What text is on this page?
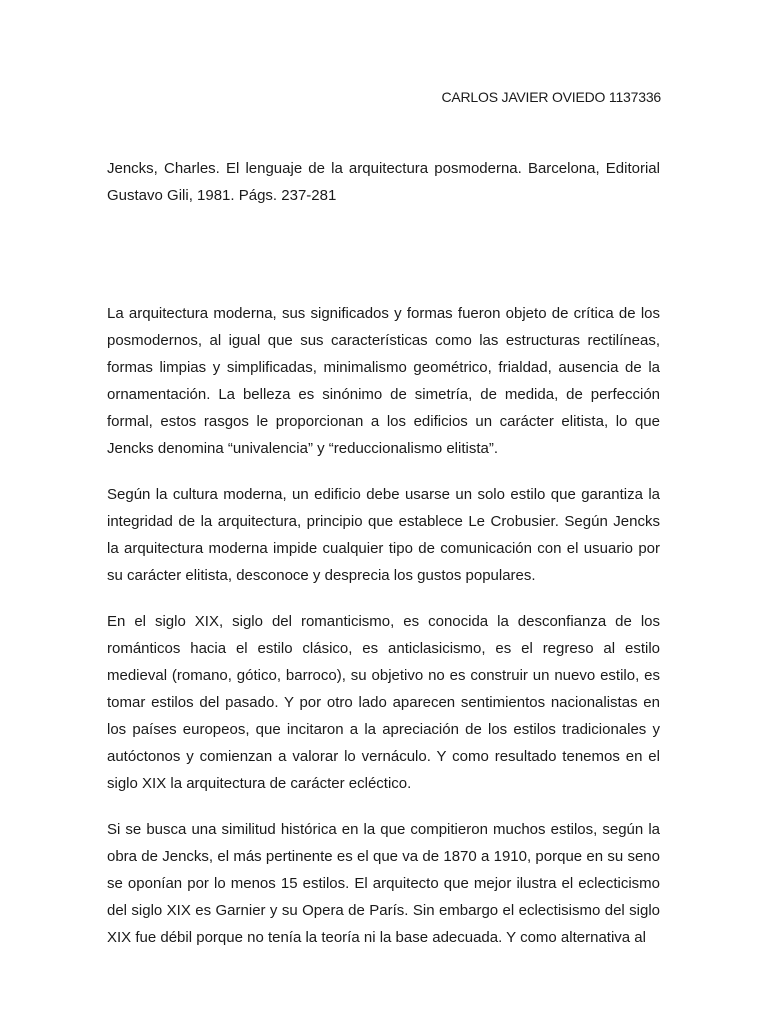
CARLOS JAVIER OVIEDO 1137336
Jencks, Charles. El lenguaje de la arquitectura posmoderna. Barcelona, Editorial Gustavo Gili, 1981. Págs. 237-281

La arquitectura moderna, sus significados y formas fueron objeto de crítica de los posmodernos, al igual que sus características como las estructuras rectilíneas, formas limpias y simplificadas, minimalismo geométrico, frialdad, ausencia de la ornamentación. La belleza es sinónimo de simetría, de medida, de perfección formal, estos rasgos le proporcionan a los edificios un carácter elitista, lo que Jencks denomina “univalencia” y “reduccionalismo elitista”.

Según la cultura moderna, un edificio debe usarse un solo estilo que garantiza la integridad de la arquitectura, principio que establece Le Crobusier. Según Jencks la arquitectura moderna impide cualquier tipo de comunicación con el usuario por su carácter elitista, desconoce y desprecia los gustos populares.

En el siglo XIX, siglo del romanticismo, es conocida la desconfianza de los románticos hacia el estilo clásico, es anticlasicismo, es el regreso al estilo medieval (romano, gótico, barroco), su objetivo no es construir un nuevo estilo, es tomar estilos del pasado. Y por otro lado aparecen sentimientos nacionalistas en los países europeos, que incitaron a la apreciación de los estilos tradicionales y autóctonos y comienzan a valorar lo vernáculo. Y como resultado tenemos en el siglo XIX la arquitectura de carácter ecléctico.

Si se busca una similitud histórica en la que compitieron muchos estilos, según la obra de Jencks, el más pertinente es el que va de 1870 a 1910, porque en su seno se oponían por lo menos 15 estilos. El arquitecto que mejor ilustra el eclecticismo del siglo XIX es Garnier y su Opera de París. Sin embargo el eclectisismo del siglo XIX fue débil porque no tenía la teoría ni la base adecuada. Y como alternativa al
